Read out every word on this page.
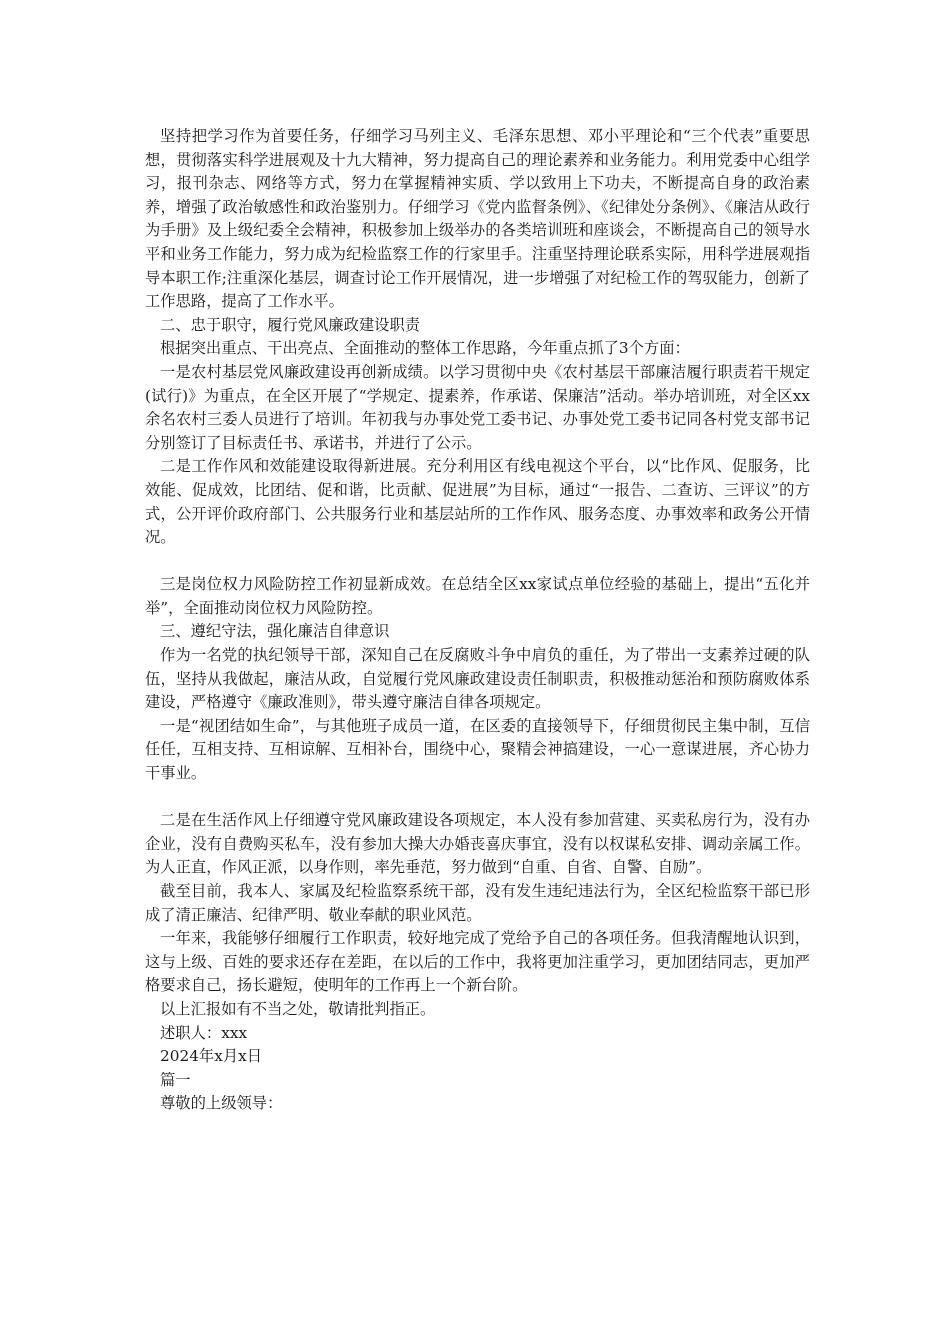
坚持把学习作为首要任务，仔细学习马列主义、毛泽东思想、邓小平理论和“三个代表”重要思想，贯彻落实科学进展观及十九大精神，努力提高自己的理论素养和业务能力。利用党委中心组学习，报刊杂志、网络等方式，努力在掌握精神实质、学以致用上下功夫，不断提高自身的政治素养，增强了政治敏感性和政治鉴别力。仔细学习《党内监督条例》、《纪律处分条例》、《廉洁从政行为手册》及上级纪委全会精神，积极参加上级举办的各类培训班和座谈会，不断提高自己的领导水平和业务工作能力，努力成为纪检监察工作的行家里手。注重坚持理论联系实际，用科学进展观指导本职工作;注重深化基层，调查讨论工作开展情况，进一步增强了对纪检工作的驾驭能力，创新了工作思路，提高了工作水平。

二、忠于职守，履行党风廉政建设职责

根据突出重点、干出亮点、全面推动的整体工作思路，今年重点抓了3个方面：

一是农村基层党风廉政建设再创新成绩。以学习贯彻中央《农村基层干部廉洁履行职责若干规定(试行)》为重点，在全区开展了“学规定、提素养，作承诺、保廉洁”活动。举办培训班，对全区xx余名农村三委人员进行了培训。年初我与办事处党工委书记、办事处党工委书记同各村党支部书记分别签订了目标责任书、承诺书，并进行了公示。

二是工作作风和效能建设取得新进展。充分利用区有线电视这个平台，以“比作风、促服务，比效能、促成效，比团结、促和谐，比贡献、促进展”为目标，通过“一报告、二查访、三评议”的方式，公开评价政府部门、公共服务行业和基层站所的工作作风、服务态度、办事效率和政务公开情况。

三是岗位权力风险防控工作初显新成效。在总结全区xx家试点单位经验的基础上，提出“五化并举”，全面推动岗位权力风险防控。

三、遵纪守法，强化廉洁自律意识

作为一名党的执纪领导干部，深知自己在反腐败斗争中肩负的重任，为了带出一支素养过硬的队伍，坚持从我做起，廉洁从政，自觉履行党风廉政建设责任制职责，积极推动惩治和预防腐败体系建设，严格遵守《廉政准则》，带头遵守廉洁自律各项规定。

一是“视团结如生命”，与其他班子成员一道，在区委的直接领导下，仔细贯彻民主集中制，互信任任，互相支持、互相谅解、互相补台，围绕中心，聚精会神搞建设，一心一意谋进展，齐心协力干事业。

二是在生活作风上仔细遵守党风廉政建设各项规定，本人没有参加营建、买卖私房行为，没有办企业，没有自费购买私车，没有参加大操大办婚丧喜庆事宜，没有以权谋私安排、调动亲属工作。为人正直，作风正派，以身作则，率先垂范，努力做到“自重、自省、自警、自励”。

截至目前，我本人、家属及纪检监察系统干部，没有发生违纪违法行为，全区纪检监察干部已形成了清正廉洁、纪律严明、敬业奉献的职业风范。

一年来，我能够仔细履行工作职责，较好地完成了党给予自己的各项任务。但我清醒地认识到，这与上级、百姓的要求还存在差距，在以后的工作中，我将更加注重学习，更加团结同志，更加严格要求自己，扬长避短，使明年的工作再上一个新台阶。

以上汇报如有不当之处，敬请批判指正。

述职人：xxx

2024年x月x日

篇一

尊敬的上级领导：
